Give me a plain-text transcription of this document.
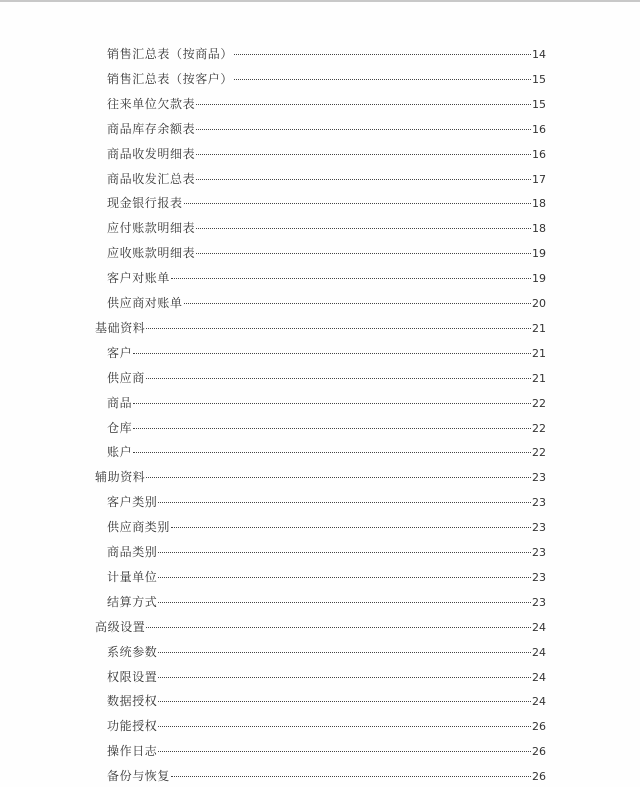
销售汇总表（按商品）	14
销售汇总表（按客户）	15
往来单位欠款表	15
商品库存余额表	16
商品收发明细表	16
商品收发汇总表	17
现金银行报表	18
应付账款明细表	18
应收账款明细表	19
客户对账单	19
供应商对账单	20
基础资料	21
客户	21
供应商	21
商品	22
仓库	22
账户	22
辅助资料	23
客户类别	23
供应商类别	23
商品类别	23
计量单位	23
结算方式	23
高级设置	24
系统参数	24
权限设置	24
数据授权	24
功能授权	26
操作日志	26
备份与恢复	26
